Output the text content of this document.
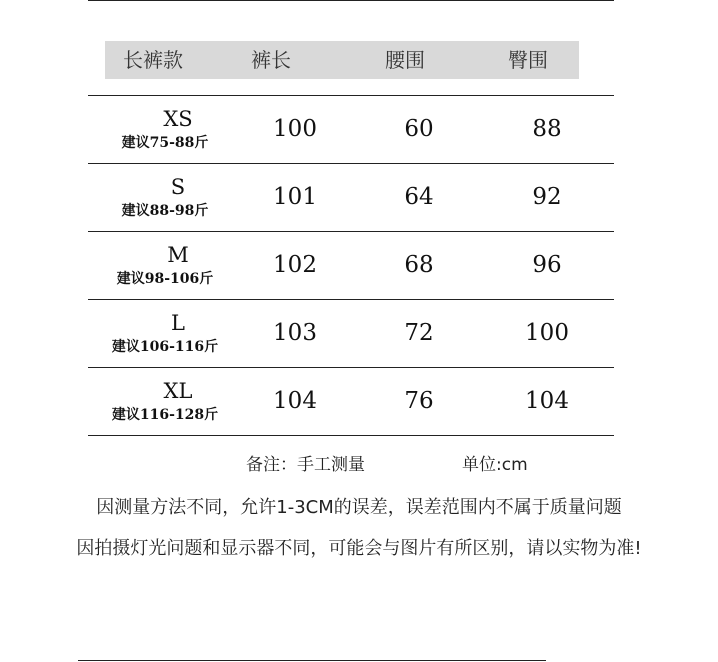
长裤款	裤长	腰围	臀围
XS
建议75-88斤
100	60	88
S
建议88-98斤
101	64	92
M
建议98-106斤
102	68	96
L
建议106-116斤
103	72	100
XL
建议116-128斤
104	76	104
备注：手工测量	单位:cm
因测量方法不同，允许1-3CM的误差，误差范围内不属于质量问题
因拍摄灯光问题和显示器不同，可能会与图片有所区别，请以实物为准!
